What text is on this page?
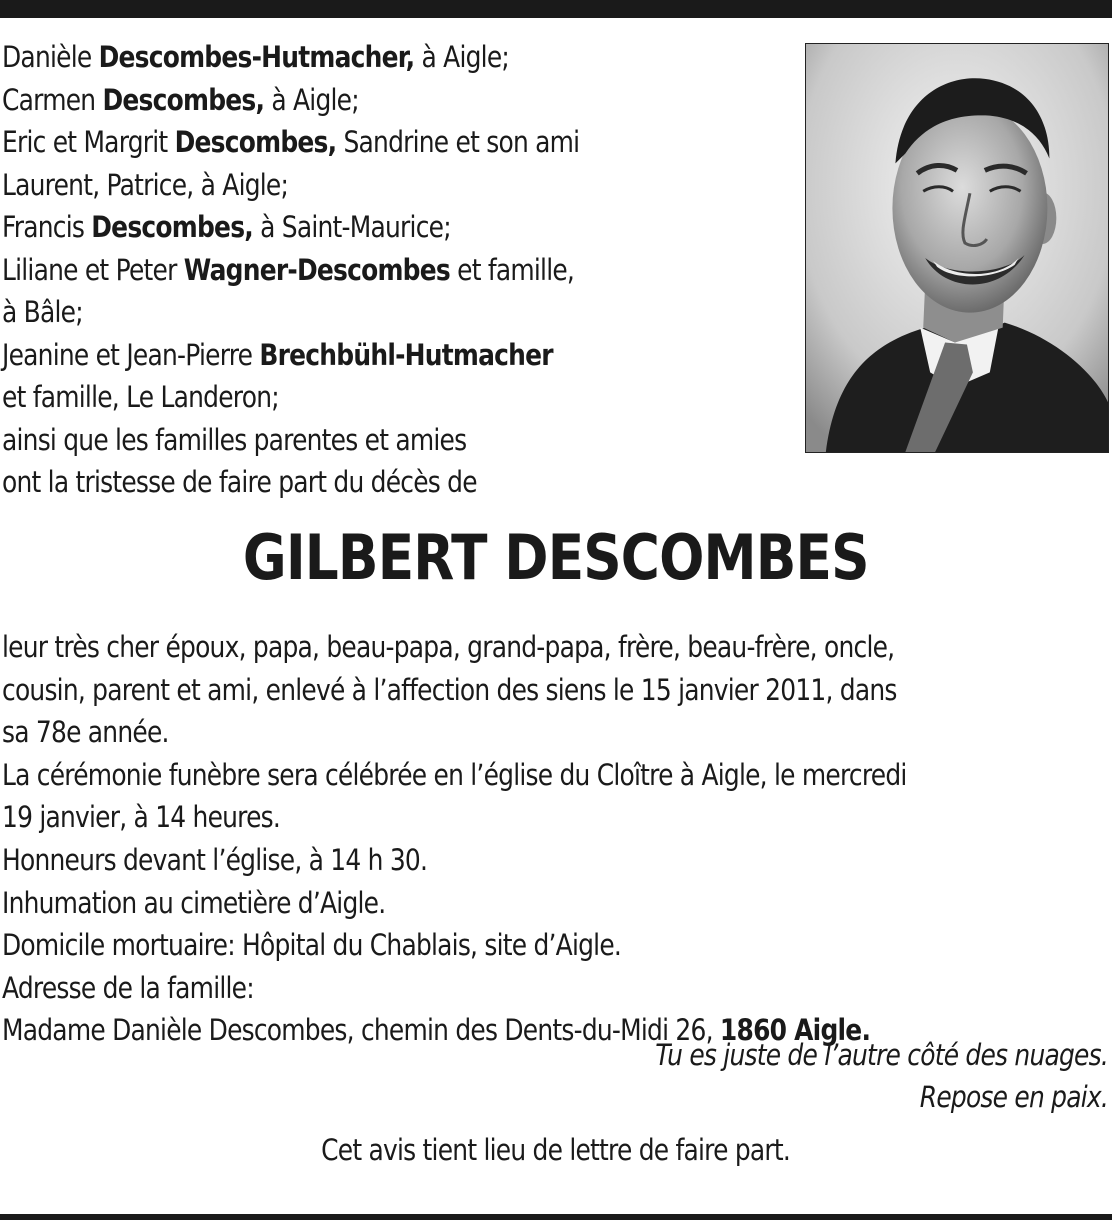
Danièle Descombes-Hutmacher, à Aigle;
Carmen Descombes, à Aigle;
Eric et Margrit Descombes, Sandrine et son ami
Laurent, Patrice, à Aigle;
Francis Descombes, à Saint-Maurice;
Liliane et Peter Wagner-Descombes et famille,
à Bâle;
Jeanine et Jean-Pierre Brechbühl-Hutmacher
et famille, Le Landeron;
ainsi que les familles parentes et amies
ont la tristesse de faire part du décès de
GILBERT DESCOMBES
leur très cher époux, papa, beau-papa, grand-papa, frère, beau-frère, oncle,
cousin, parent et ami, enlevé à l’affection des siens le 15 janvier 2011, dans
sa 78e année.
La cérémonie funèbre sera célébrée en l’église du Cloître à Aigle, le mercredi
19 janvier, à 14 heures.
Honneurs devant l’église, à 14 h 30.
Inhumation au cimetière d’Aigle.
Domicile mortuaire: Hôpital du Chablais, site d’Aigle.
Adresse de la famille:
Madame Danièle Descombes, chemin des Dents-du-Midi 26, 1860 Aigle.
Tu es juste de l’autre côté des nuages.
Repose en paix.
Cet avis tient lieu de lettre de faire part.
